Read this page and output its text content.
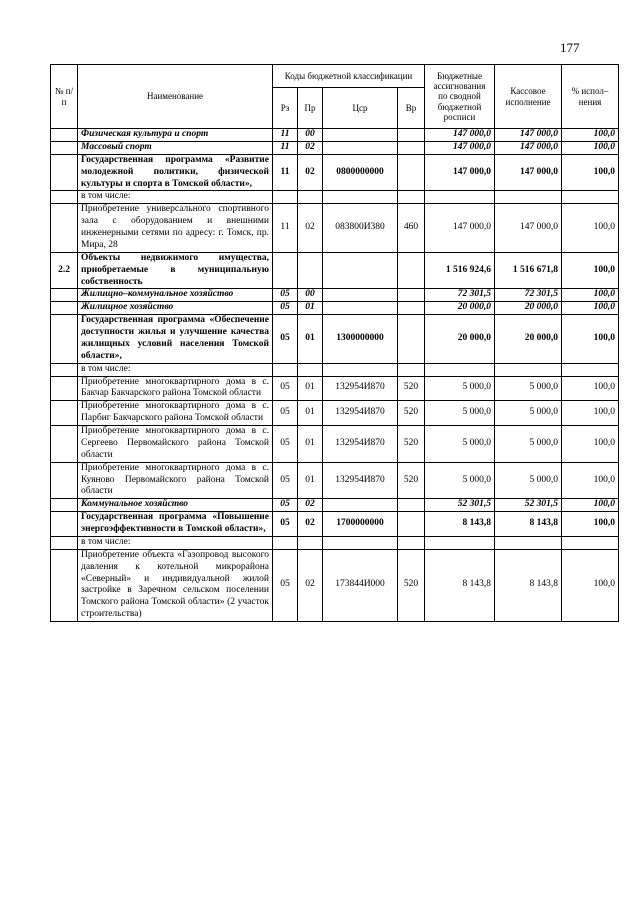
177
№ п/п	Наименование	Коды бюджетной классификации				Бюджетные ассигнования по сводной бюджетной росписи	Кассовое исполнение	% испол–нения
		Рз	Пр	Цср	Вр			
	Физическая культура и спорт	11	00			147 000,0	147 000,0	100,0
	Массовый спорт	11	02			147 000,0	147 000,0	100,0
	Государственная программа «Развитие молодежной политики, физической культуры и спорта в Томской области»,	11	02	0800000000		147 000,0	147 000,0	100,0
	в том числе:							
	Приобретение универсального спортивного зала с оборудованием и внешними инженерными сетями по адресу: г. Томск, пр. Мира, 28	11	02	083800И380	460	147 000,0	147 000,0	100,0
2.2	Объекты недвижимого имущества, приобретаемые в муниципальную собственность					1 516 924,6	1 516 671,8	100,0
	Жилищно–коммунальное хозяйство	05	00			72 301,5	72 301,5	100,0
	Жилищное хозяйство	05	01			20 000,0	20 000,0	100,0
	Государственная программа «Обеспечение доступности жилья и улучшение качества жилищных условий населения Томской области»,	05	01	1300000000		20 000,0	20 000,0	100,0
	в том числе:							
	Приобретение многоквартирного дома в с. Бакчар Бакчарского района Томской области	05	01	132954И870	520	5 000,0	5 000,0	100,0
	Приобретение многоквартирного дома в с. Парбиг Бакчарского района Томской области	05	01	132954И870	520	5 000,0	5 000,0	100,0
	Приобретение многоквартирного дома в с. Сергеево Первомайского района Томской области	05	01	132954И870	520	5 000,0	5 000,0	100,0
	Приобретение многоквартирного дома в с. Куяново Первомайского района Томской области	05	01	132954И870	520	5 000,0	5 000,0	100,0
	Коммунальное хозяйство	05	02			52 301,5	52 301,5	100,0
	Государственная программа «Повышение энергоэффективности в Томской области»,	05	02	1700000000		8 143,8	8 143,8	100,0
	в том числе:							
	Приобретение объекта «Газопровод высокого давления к котельной микрорайона «Северный» и индивидуальной жилой застройке в Заречном сельском поселении Томского района Томской области» (2 участок строительства)	05	02	173844И000	520	8 143,8	8 143,8	100,0
